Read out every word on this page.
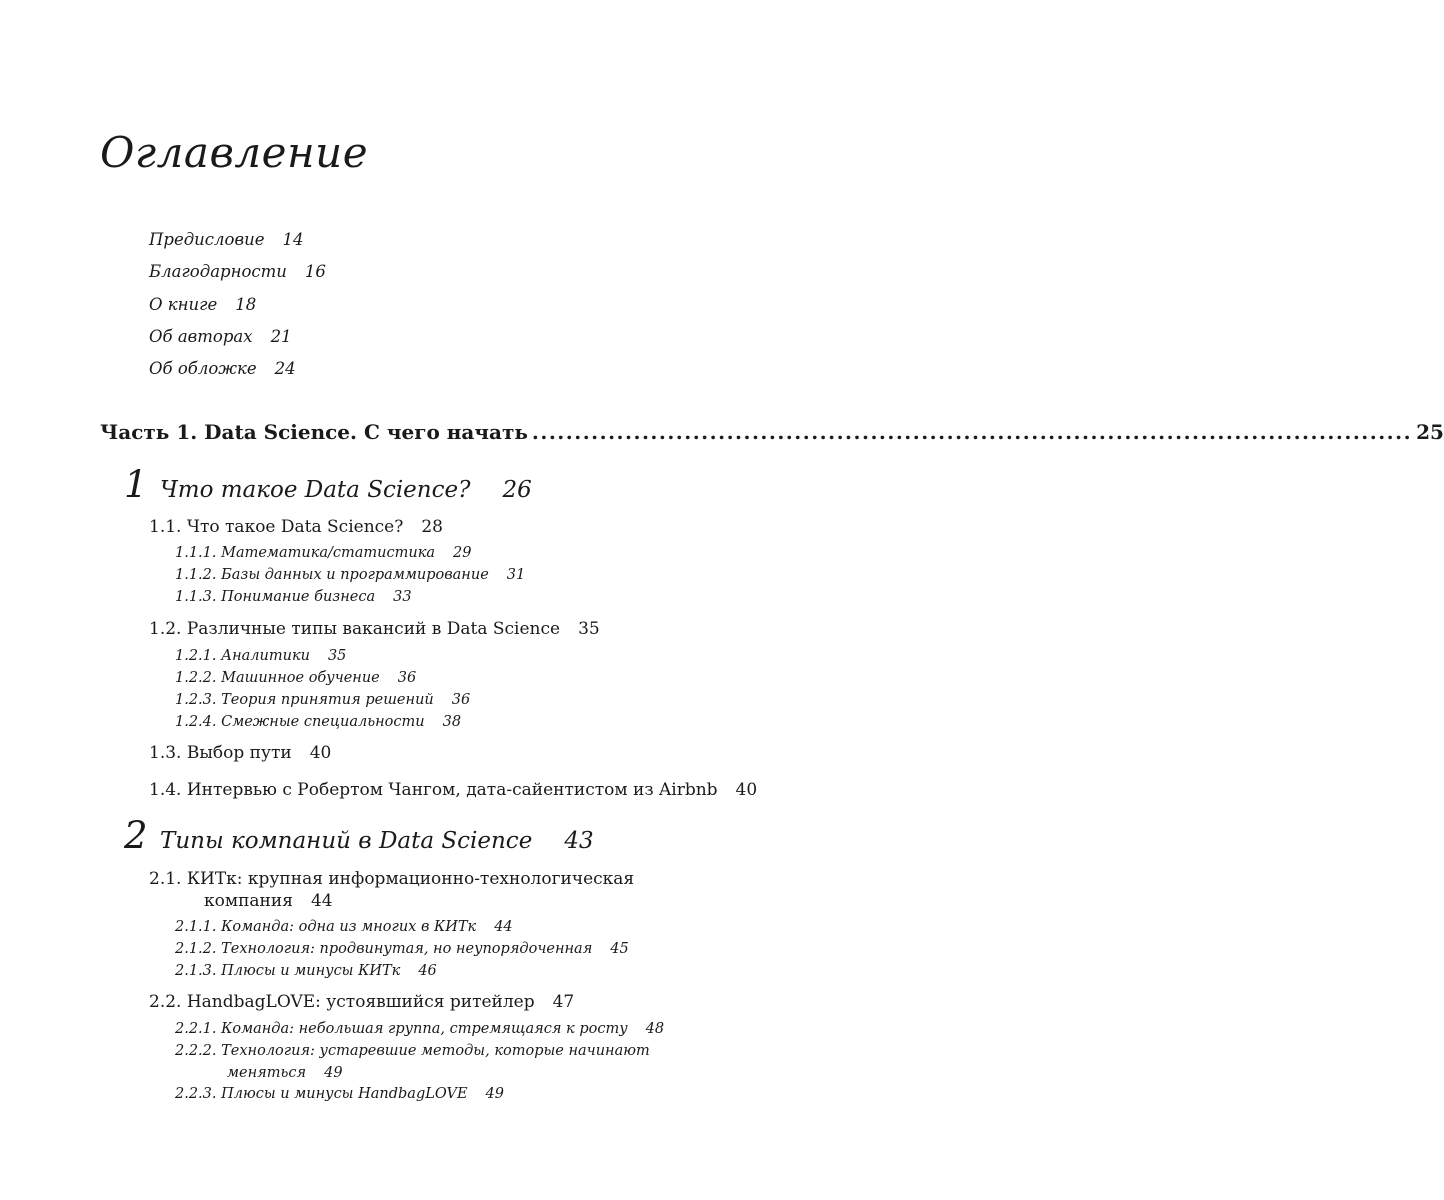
Оглавление
Предисловие 14
Благодарности 16
О книге 18
Об авторах 21
Об обложке 24
Часть 1. Data Science. С чего начать ........................................................................................................ 25
1 Что такое Data Science? 26
1.1. Что такое Data Science? 28
1.1.1. Математика/статистика 29
1.1.2. Базы данных и программирование 31
1.1.3. Понимание бизнеса 33
1.2. Различные типы вакансий в Data Science 35
1.2.1. Аналитики 35
1.2.2. Машинное обучение 36
1.2.3. Теория принятия решений 36
1.2.4. Смежные специальности 38
1.3. Выбор пути 40
1.4. Интервью с Робертом Чангом, дата-сайентистом из Airbnb 40
2 Типы компаний в Data Science 43
2.1. КИТк: крупная информационно-технологическая
компания 44
2.1.1. Команда: одна из многих в КИТк 44
2.1.2. Технология: продвинутая, но неупорядоченная 45
2.1.3. Плюсы и минусы КИТк 46
2.2. HandbagLOVE: устоявшийся ритейлер 47
2.2.1. Команда: небольшая группа, стремящаяся к росту 48
2.2.2. Технология: устаревшие методы, которые начинают
меняться 49
2.2.3. Плюсы и минусы HandbagLOVE 49
